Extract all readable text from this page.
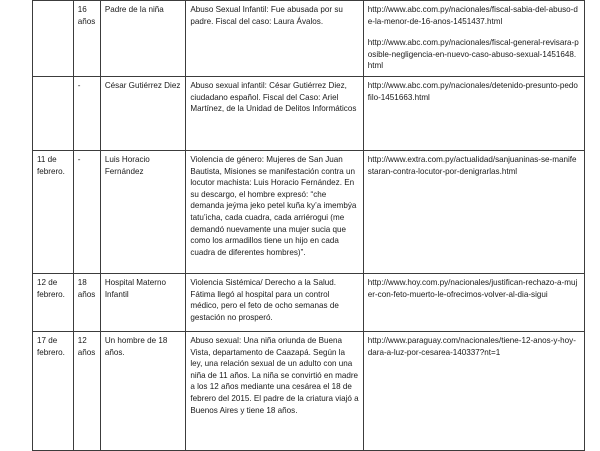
	16 años	Padre de la niña	Abuso Sexual Infantil: Fue abusada por su padre. Fiscal del caso: Laura Ávalos.	http://www.abc.com.py/nacionales/fiscal-sabia-del-abuso-de-la-menor-de-16-anos-1451437.html
http://www.abc.com.py/nacionales/fiscal-general-revisara-posible-negligencia-en-nuevo-caso-abuso-sexual-1451648.html

	-	César Gutiérrez Diez	Abuso sexual infantil: César Gutiérrez Diez, ciudadano español. Fiscal del Caso: Ariel Martínez, de la Unidad de Delitos Informáticos	http://www.abc.com.py/nacionales/detenido-presunto-pedofilo-1451663.html

11 de febrero.	-	Luis Horacio Fernández	Violencia de género: Mujeres de San Juan Bautista, Misiones se manifestación contra un locutor machista: Luis Horacio Fernández. En su descargo, el hombre expresó: “che demanda jeýma jeko petel kuña ky’a imembýa tatu’icha, cada cuadra, cada arriérogui (me demandó nuevamente una mujer sucia que como los armadillos tiene un hijo en cada cuadra de diferentes hombres)”.	http://www.extra.com.py/actualidad/sanjuaninas-se-manifestaran-contra-locutor-por-denigrarlas.html

12 de febrero.	18 años	Hospital Materno Infantil	Violencia Sistémica/ Derecho a la Salud. Fátima llegó al hospital para un control médico, pero el feto de ocho semanas de gestación no prosperó.	http://www.hoy.com.py/nacionales/justifican-rechazo-a-mujer-con-feto-muerto-le-ofrecimos-volver-al-dia-sigui

17 de febrero.	12 años	Un hombre de 18 años.	Abuso sexual: Una niña oriunda de Buena Vista, departamento de Caazapá. Según la ley, una relación sexual de un adulto con una niña de 11 años. La niña se convirtió en madre a los 12 años mediante una cesárea el 18 de febrero del 2015. El padre de la criatura viajó a Buenos Aires y tiene 18 años.	http://www.paraguay.com/nacionales/tiene-12-anos-y-hoy-dara-a-luz-por-cesarea-140337?nt=1
